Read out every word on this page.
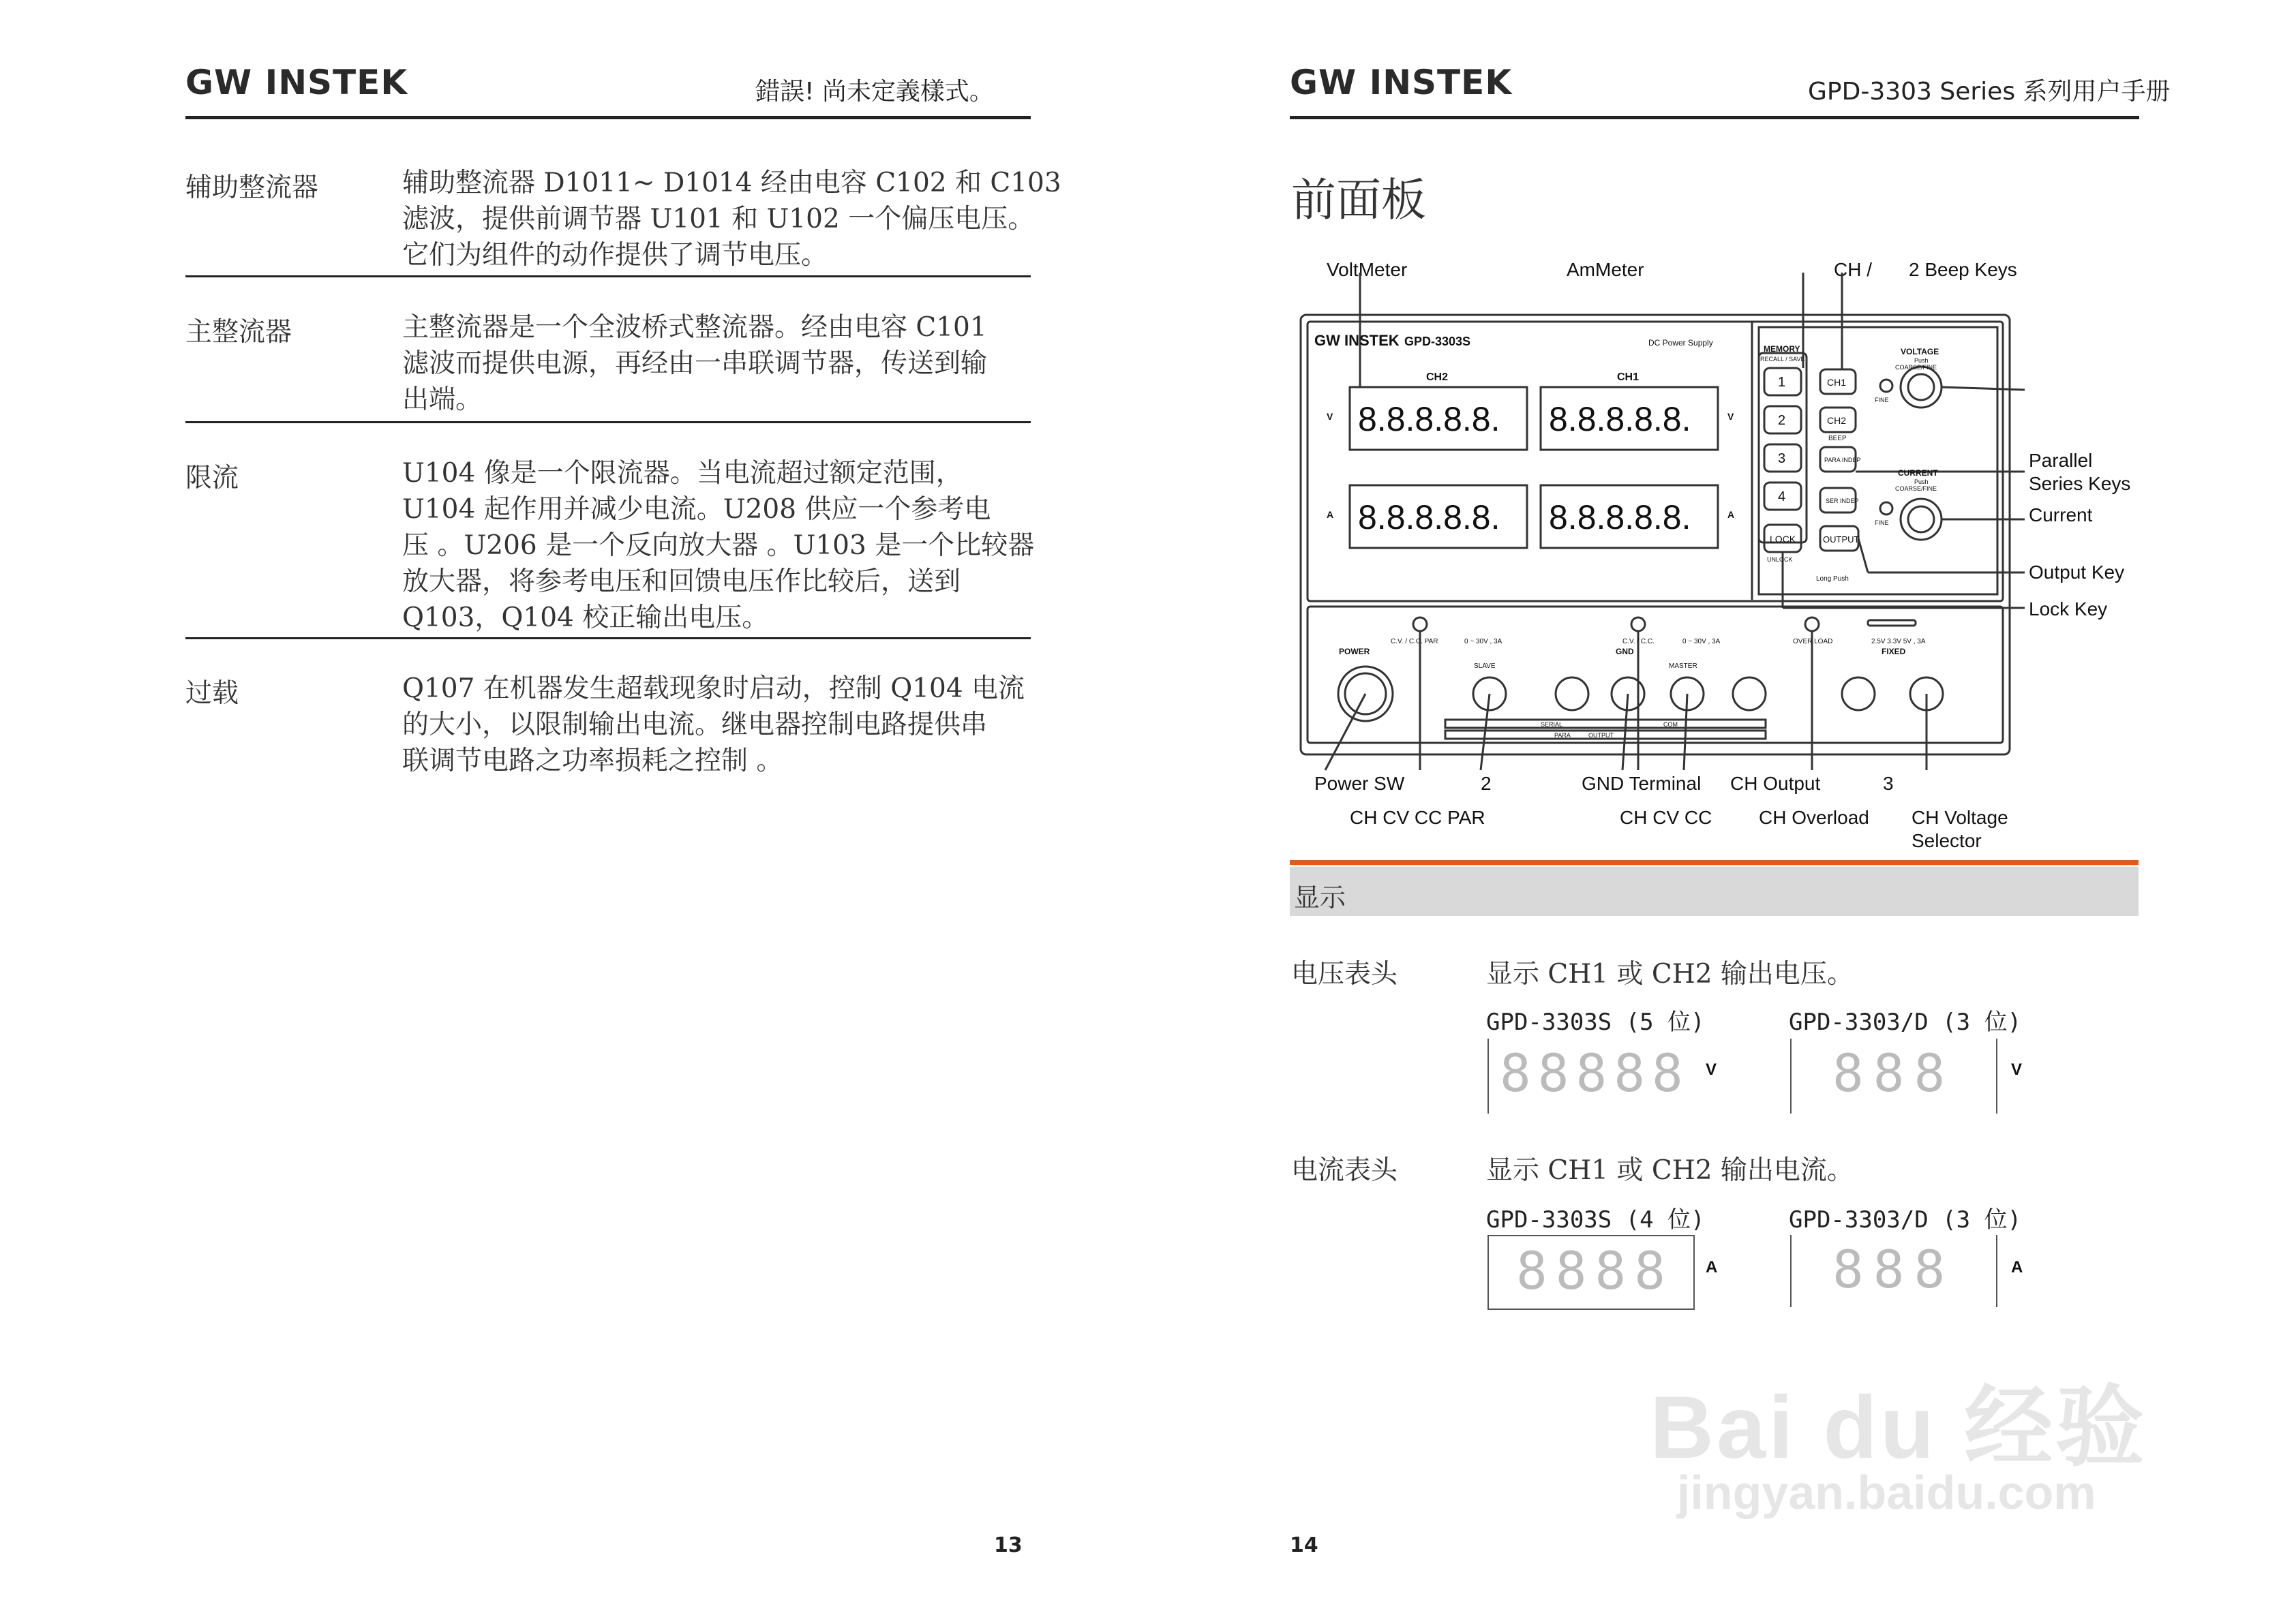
GW INSTEK	錯誤! 尚未定義樣式。
辅助整流器	辅助整流器 D1011~ D1014 经由电容 C102 和 C103
滤波，提供前调节器 U101 和 U102 一个偏压电压。
它们为组件的动作提供了调节电压。
主整流器	主整流器是一个全波桥式整流器。经由电容 C101
滤波而提供电源，再经由一串联调节器，传送到输
出端。
限流	U104 像是一个限流器。当电流超过额定范围，
U104 起作用并减少电流。U208 供应一个参考电
压 。U206 是一个反向放大器 。U103 是一个比较器
放大器，将参考电压和回馈电压作比较后，送到
Q103，Q104 校正输出电压。
过载	Q107 在机器发生超载现象时启动，控制 Q104 电流
的大小，以限制输出电流。继电器控制电路提供串
联调节电路之功率损耗之控制 。
13
GW INSTEK	GPD-3303 Series 系列用户手册
前面板
VoltMeter	AmMeter	CH / 2 Beep Keys
Parallel
Series Keys
Current
Output Key
Lock Key
Power SW	2	GND Terminal CH Output	3
CH CV CC PAR	CH CV CC CH Overload CH Voltage
Selector
GW INSTEK GPD-3303S	DC Power Supply
CH2	CH1
V	V
A	A
8.8.8.8.8. 8.8.8.8.8.
8.8.8.8.8. 8.8.8.8.8.
MEMORY
RECALL / SAVE
1
2
3
4
LOCK
UNLOCK
CH1
CH2
BEEP
PARA INDEP
SER INDEP
OUTPUT
VOLTAGE
Push
COARSE/FINE
CURRENT
Push
COARSE/FINE
FINE
FINE
Long Push
C.V. / C.C. PAR	C.V. / C.C.	OVER LOAD
POWER
0 ~ 30V , 3A	0 ~ 30V , 3A	2.5V 3.3V 5V , 3A
SLAVE	MASTER
GND	FIXED
SERIAL	COM
PARA	OUTPUT
显示
电压表头	显示 CH1 或 CH2 输出电压。
GPD-3303S (5 位)	GPD-3303/D (3 位)
88888 V 888	V
电流表头	显示 CH1 或 CH2 输出电流。
GPD-3303S (4 位)	GPD-3303/D (3 位)
8888	A 888	A
Bai du 经验
jingyan.baidu.com
14
